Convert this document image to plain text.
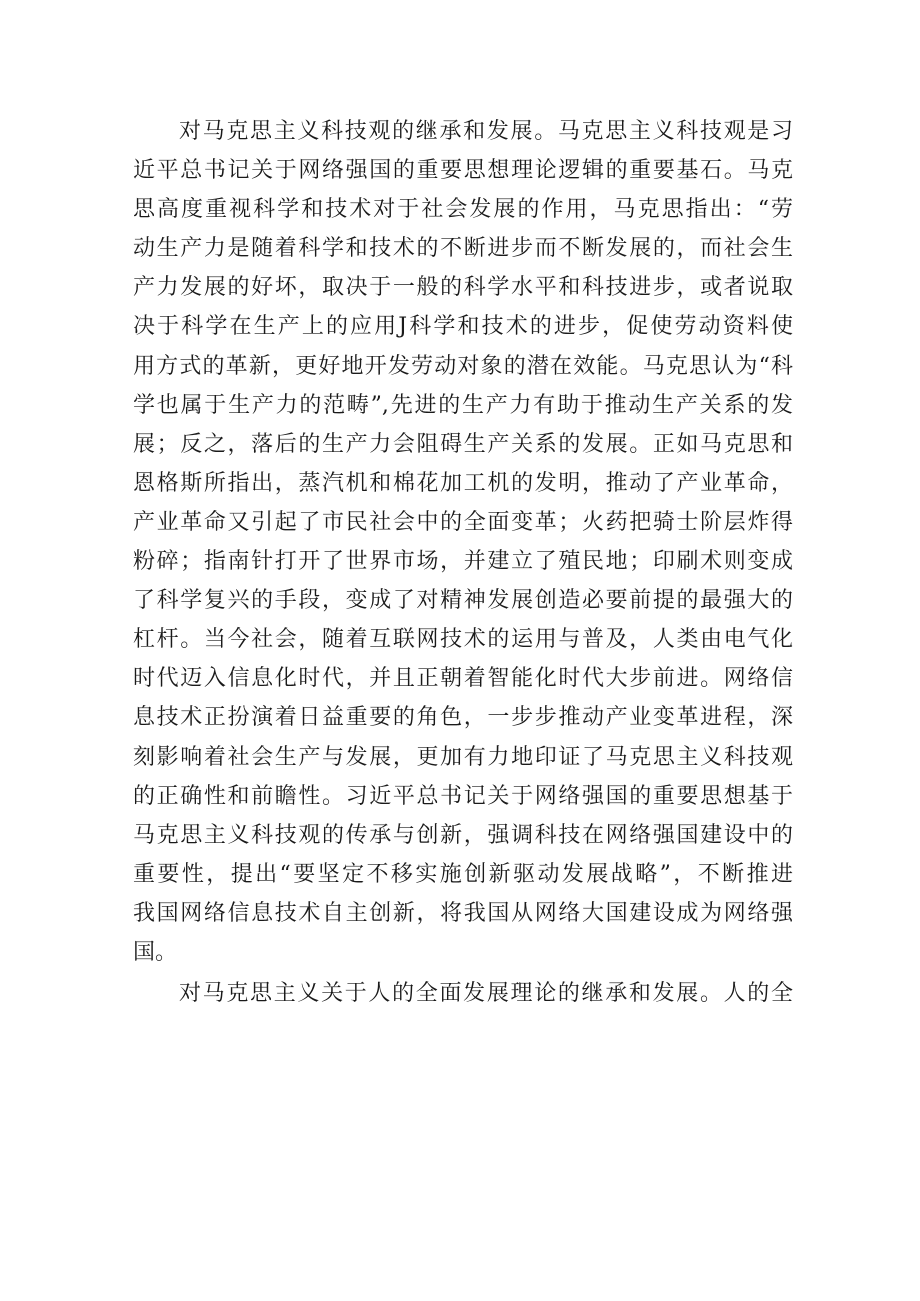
对马克思主义科技观的继承和发展。马克思主义科技观是习
近平总书记关于网络强国的重要思想理论逻辑的重要基石。马克
思高度重视科学和技术对于社会发展的作用，马克思指出：“劳
动生产力是随着科学和技术的不断进步而不断发展的，而社会生
产力发展的好坏，取决于一般的科学水平和科技进步，或者说取
决于科学在生产上的应用J科学和技术的进步，促使劳动资料使
用方式的革新，更好地开发劳动对象的潜在效能。马克思认为“科
学也属于生产力的范畴”,先进的生产力有助于推动生产关系的发
展；反之，落后的生产力会阻碍生产关系的发展。正如马克思和
恩格斯所指出，蒸汽机和棉花加工机的发明，推动了产业革命，
产业革命又引起了市民社会中的全面变革；火药把骑士阶层炸得
粉碎；指南针打开了世界市场，并建立了殖民地；印刷术则变成
了科学复兴的手段，变成了对精神发展创造必要前提的最强大的
杠杆。当今社会，随着互联网技术的运用与普及，人类由电气化
时代迈入信息化时代，并且正朝着智能化时代大步前进。网络信
息技术正扮演着日益重要的角色，一步步推动产业变革进程，深
刻影响着社会生产与发展，更加有力地印证了马克思主义科技观
的正确性和前瞻性。习近平总书记关于网络强国的重要思想基于
马克思主义科技观的传承与创新，强调科技在网络强国建设中的
重要性，提出“要坚定不移实施创新驱动发展战略”，不断推进
我国网络信息技术自主创新，将我国从网络大国建设成为网络强
国。
对马克思主义关于人的全面发展理论的继承和发展。人的全
